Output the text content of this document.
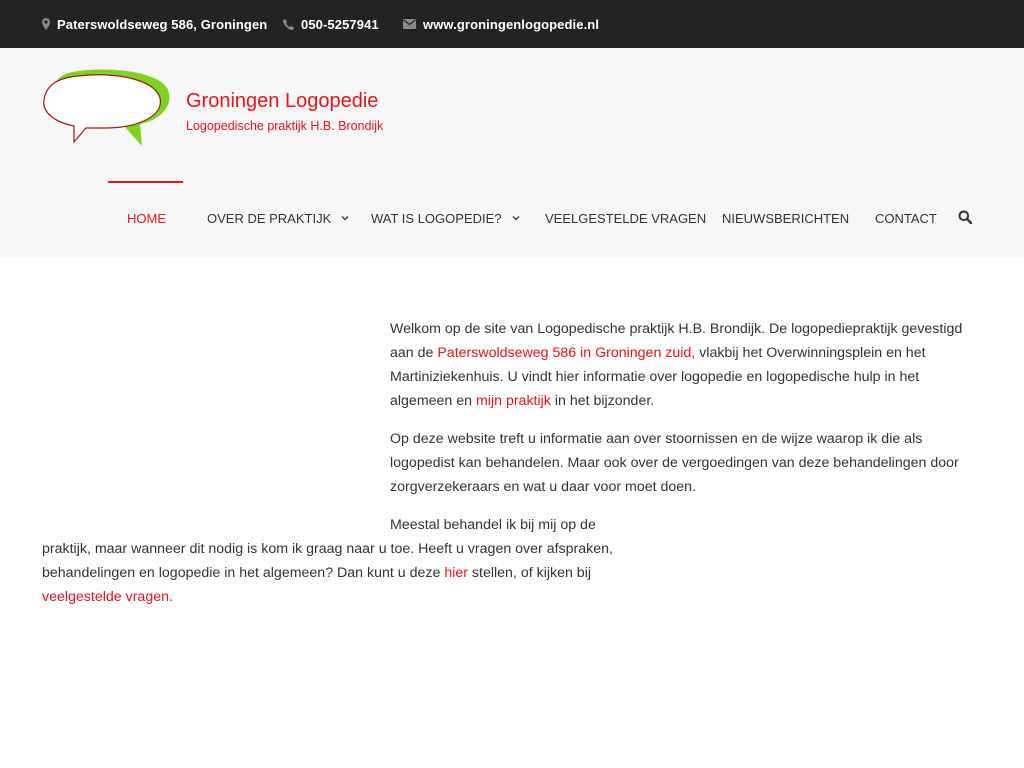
Paterswoldseweg 586, Groningen	050-5257941	www.groningenlogopedie.nl
Groningen Logopedie
Logopedische praktijk H.B. Brondijk
HOME	OVER DE PRAKTIJK	WAT IS LOGOPEDIE?	VEELGESTELDE VRAGEN NIEUWSBERICHTEN CONTACT

Welkom op de site van Logopedische praktijk H.B. Brondijk. De logopediepraktijk gevestigd aan de Paterswoldseweg 586 in Groningen zuid, vlakbij het Overwinningsplein en het Martiniziekenhuis. U vindt hier informatie over logopedie en logopedische hulp in het algemeen en mijn praktijk in het bijzonder.

Op deze website treft u informatie aan over stoornissen en de wijze waarop ik die als logopedist kan behandelen. Maar ook over de vergoedingen van deze behandelingen door zorgverzekeraars en wat u daar voor moet doen.

Meestal behandel ik bij mij op de praktijk, maar wanneer dit nodig is kom ik graag naar u toe. Heeft u vragen over afspraken, behandelingen en logopedie in het algemeen? Dan kunt u deze hier stellen, of kijken bij veelgestelde vragen.
